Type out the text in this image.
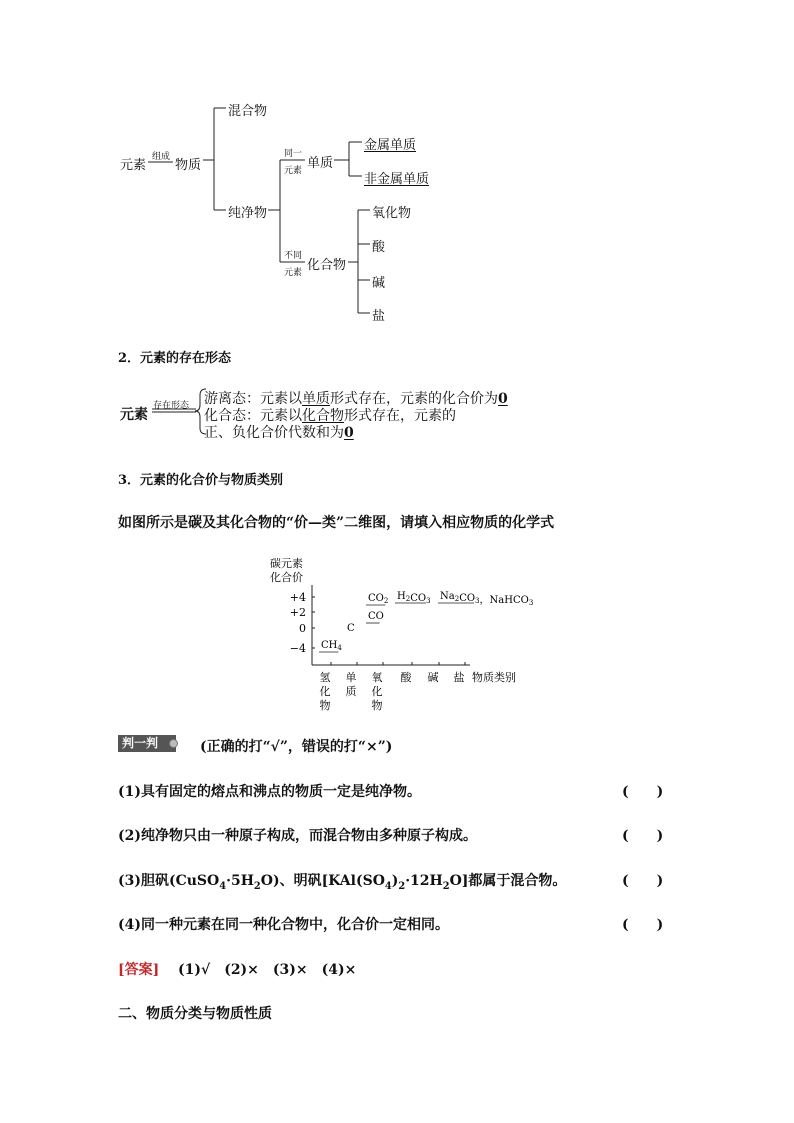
元素
组成
物质
混合物
纯净物
同一
元素 单质
金属单质
非金属单质
不同
元素 化合物
氧化物
酸
碱
盐
2．元素的存在形态
元素
存在形态 游离态：元素以单质形式存在，元素的化合价为0
化合态：元素以化合物形式存在，元素的
正、负化合价代数和为0
3．元素的化合价与物质类别
如图所示是碳及其化合物的“价—类”二维图，请填入相应物质的化学式
碳元素
化合价
+4
+2
0
−4
氢
化
物
单
质
氧
化
物
酸 碱 盐 物质类别
$CH_4$
C
$CO_2$
CO
$H_2CO_3$ $Na_2CO_3$，NaHCO$_3$
判一判	(正确的打“√”，错误的打“×”)
(1)具有固定的熔点和沸点的物质一定是纯净物。
(2)纯净物只由一种原子构成，而混合物由多种原子构成。
(3)胆矾$(CuSO_4\cdot 5H_2O)$、明矾$[KAl(SO_4)_2\cdot 12H_2O]$都属于混合物。
(4)同一种元素在同一种化合物中，化合价一定相同。
(　　)
(　　)
(　　)
(　　)
[答案] (1)√　(2)×　(3)×　(4)×
二、物质分类与物质性质
